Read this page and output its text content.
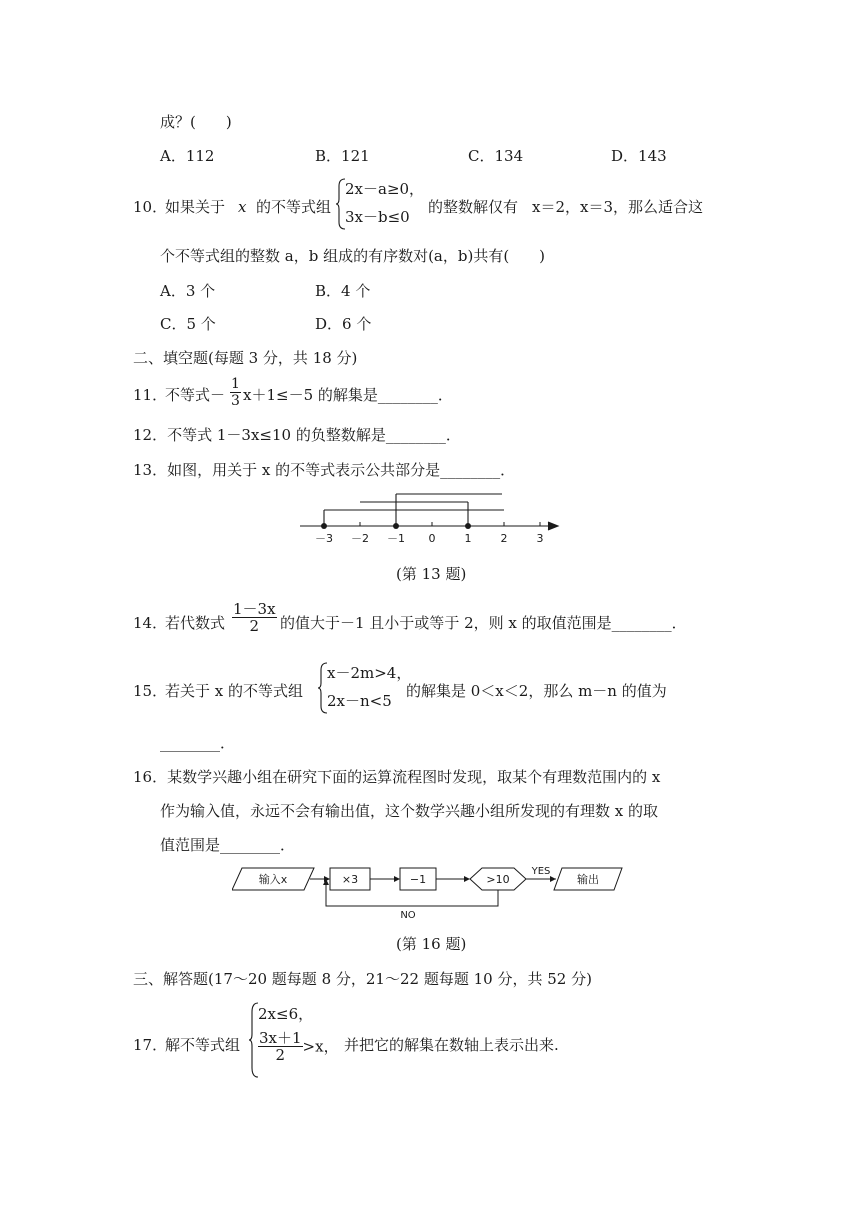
成？(　　)
A．112	B．121	C．134	D．143
10．
如果关于 x 的不等式组
2x－a≥0，
3x－b≤0
的整数解仅有 x＝2，x＝3，那么适合这
个不等式组的整数 a，b 组成的有序数对(a，b)共有(　　)
A．3 个	B．4 个
C．5 个	D．6 个
二、填空题(每题 3 分，共 18 分)
11．
不等式－ $\frac{1}{3} x+1\le-5$ 的解集是________．
12．不等式 1－3x≤10 的负整数解是________．
13．如图，用关于 x 的不等式表示公共部分是________．
－3 －2 －1 0	1	2	3
(第 13 题)
14．
若代数式 $\frac{1-3x}{2}$ 的值大于－1 且小于或等于 2，则 x 的取值范围是________．
15．
若关于 x 的不等式组
x－2m>4，
2x－n<5
的解集是 0＜x＜2，那么 m－n 的值为
________．
16．某数学兴趣小组在研究下面的运算流程图时发现，取某个有理数范围内的 x
作为输入值，永远不会有输出值，这个数学兴趣小组所发现的有理数 x 的取
值范围是________．
输入x	×3	−1	>10
YES
输出
NO
(第 16 题)
三、解答题(17～20 题每题 8 分，21～22 题每题 10 分，共 52 分)
17．
解不等式组
2x≤6，
$\frac{3x+1}{2} >x$， 并把它的解集在数轴上表示出来.
